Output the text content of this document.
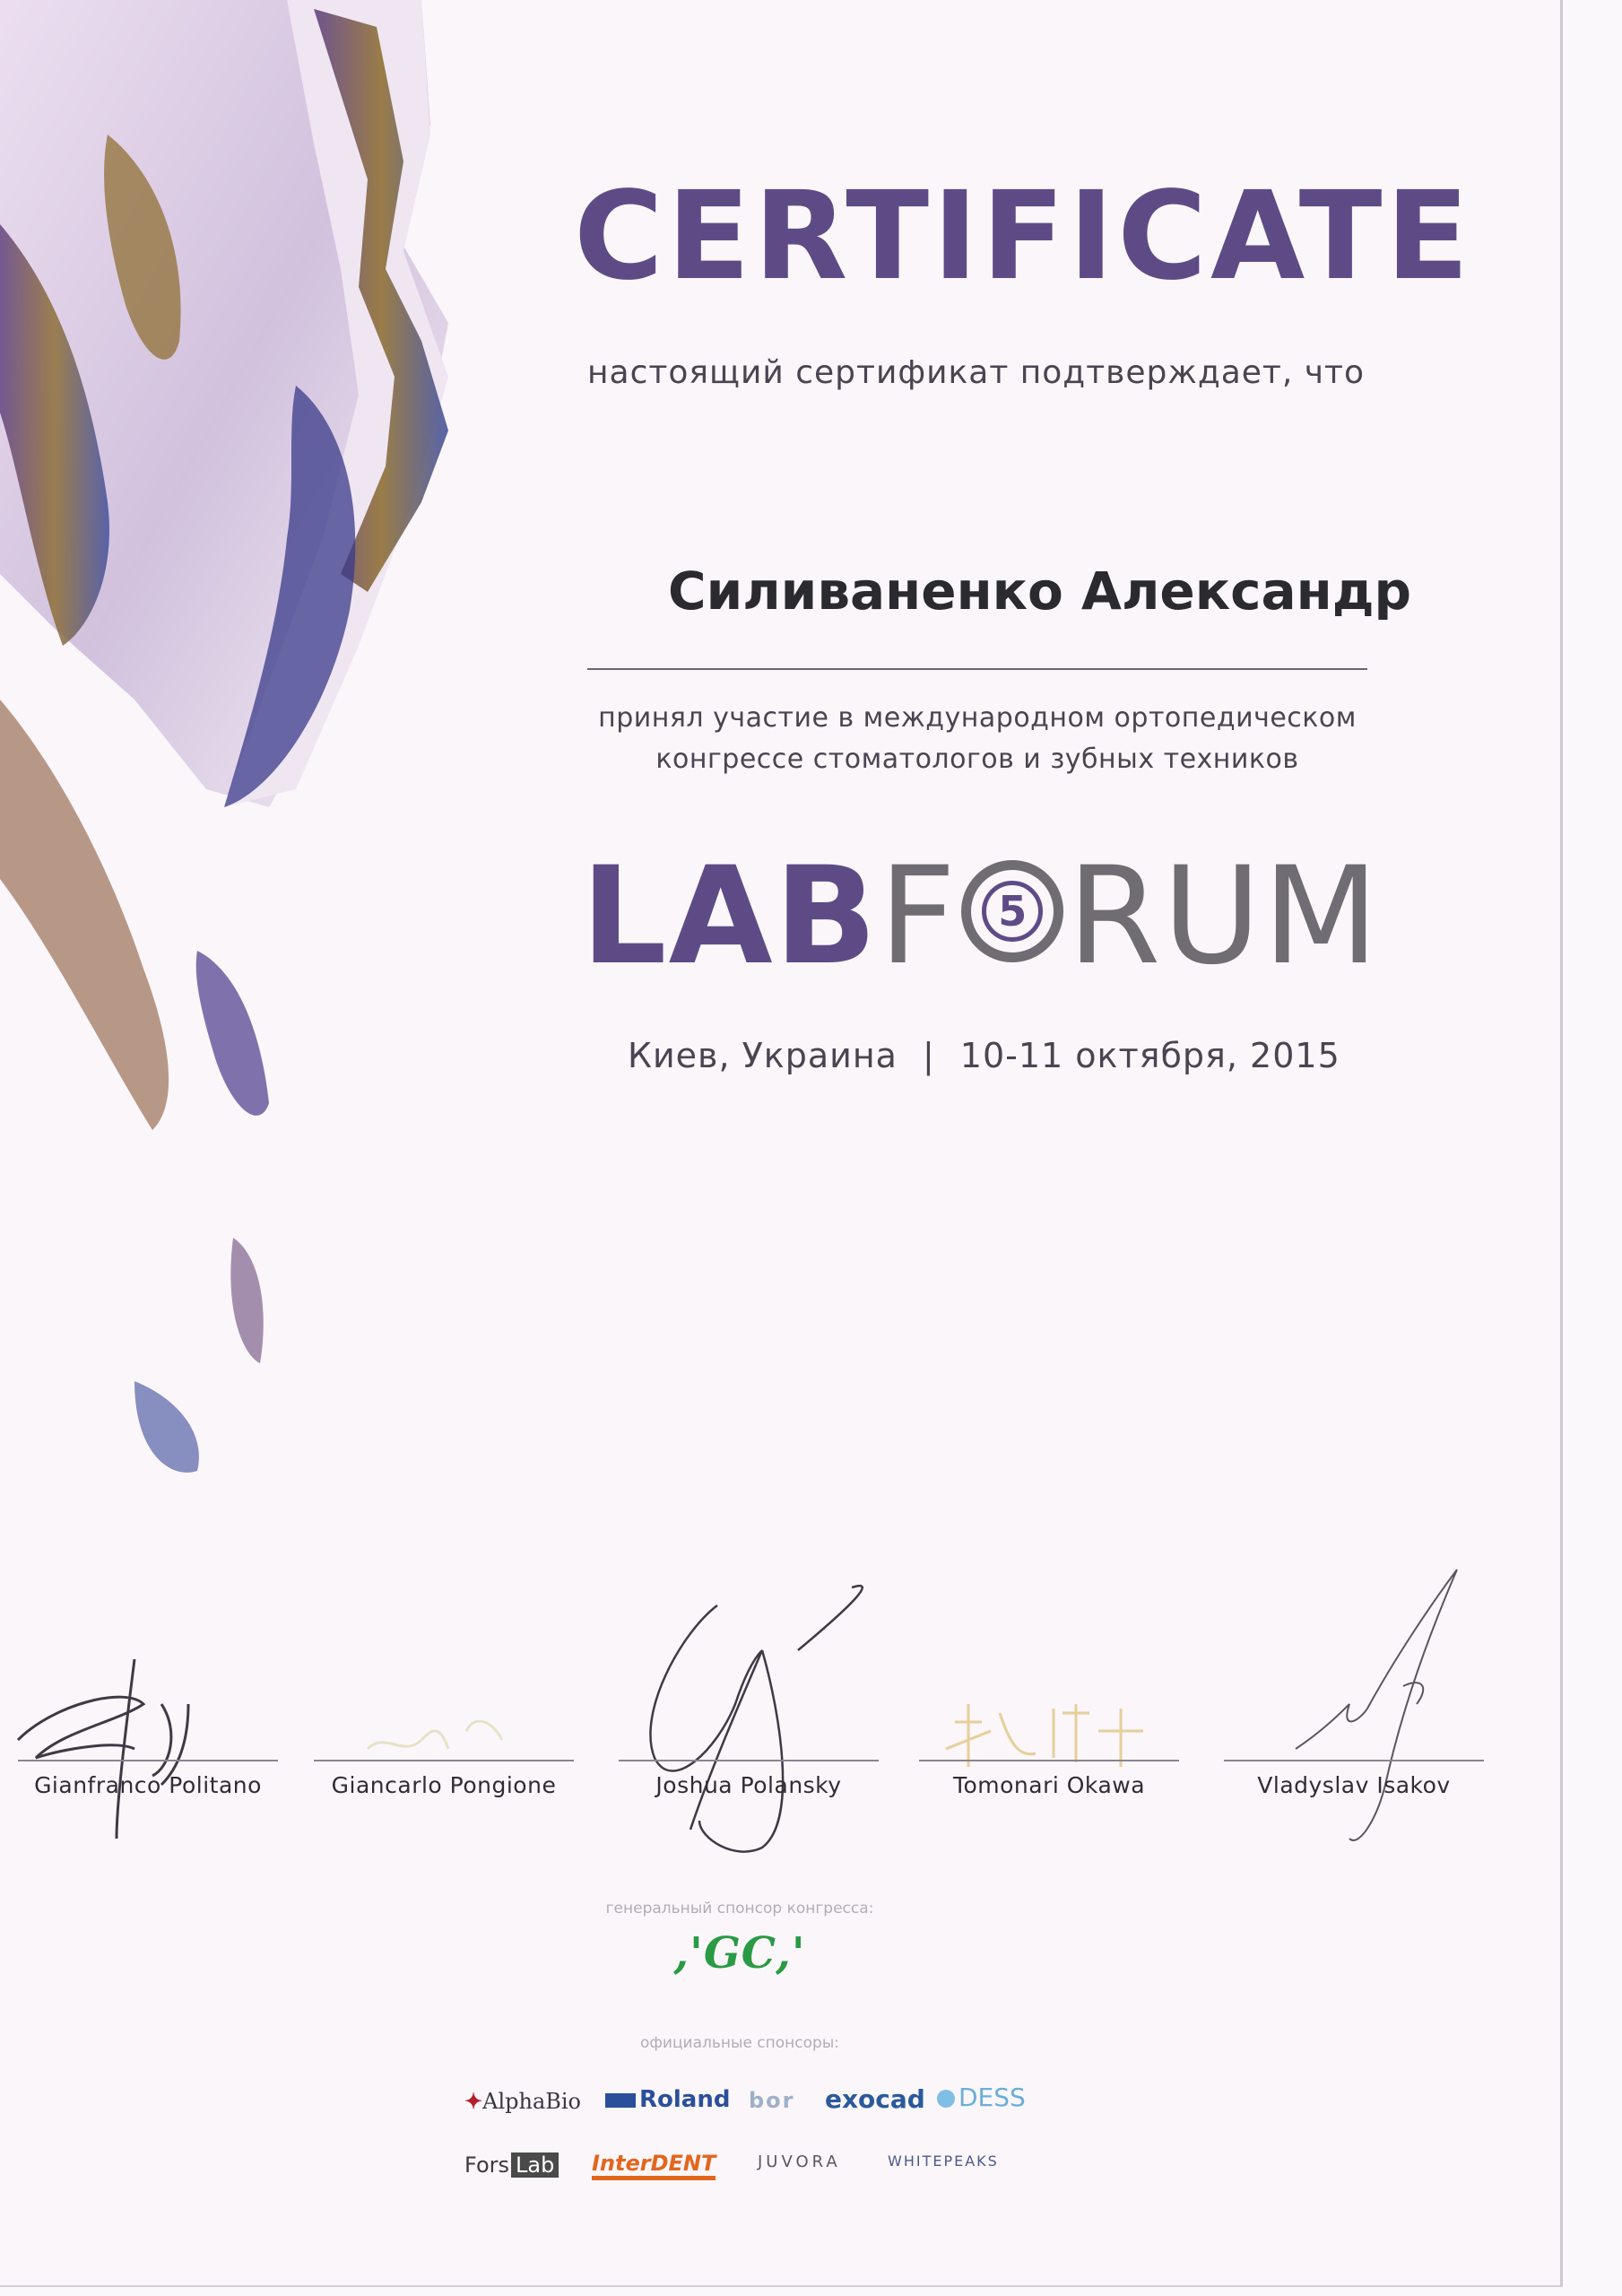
CERTIFICATE
настоящий сертификат подтверждает, что
Силиваненко Александр
принял участие в международном ортопедическом
конгрессе стоматологов и зубных техников
LABF 5 RUM
Киев, Украина | 10-11 октября, 2015
Gianfranco Politano	Giancarlo Pongione	Joshua Polansky	Tomonari Okawa	Vladyslav Isakov
генеральный спонсор конгресса:
,'GC,'
официальные спонсоры:
✦AlphaBio	Roland bor exocad	DESS
Fors Lab InterDENT	JUVORA	WHITEPEAKS
